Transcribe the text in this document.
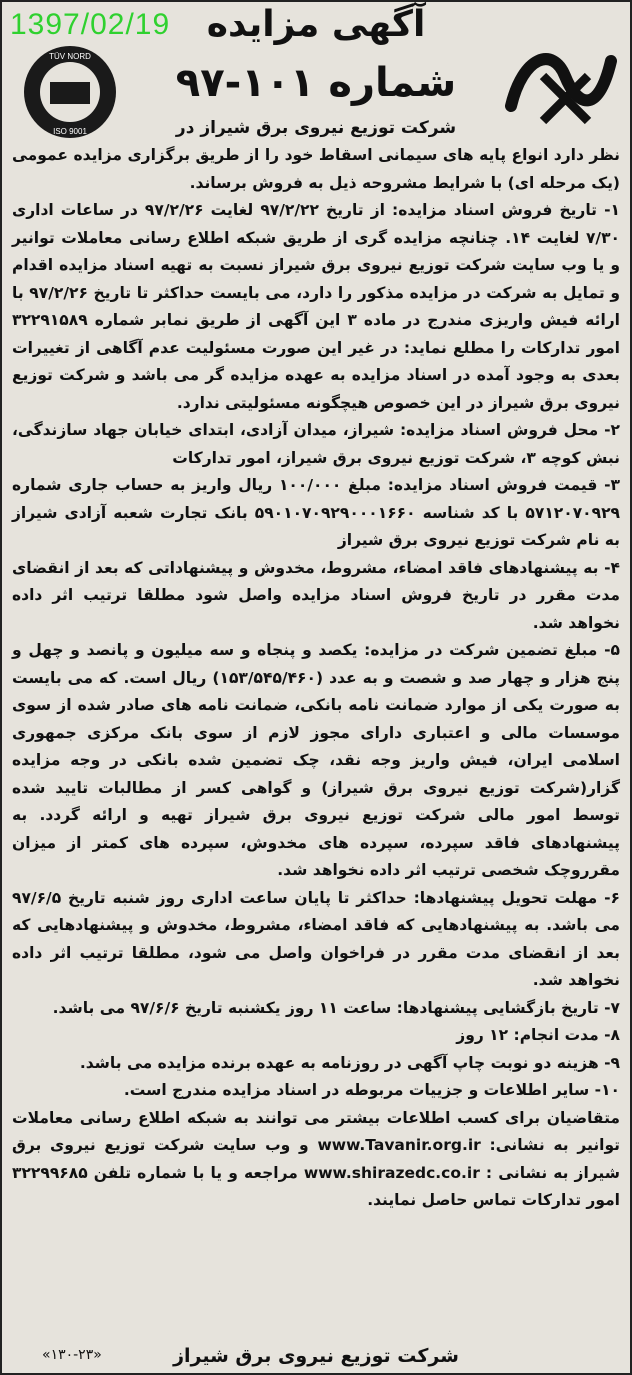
1397/02/19
TÜV NORD
ISO 9001
آگهی مزایده
شماره ۱۰۱-۹۷
شرکت توزیع نیروی برق شیراز در

نظر دارد انواع پایه های سیمانی اسقاط خود را از طریق برگزاری مزایده عمومی (یک مرحله ای) با شرایط مشروحه ذیل به فروش برساند.

۱- تاریخ فروش اسناد مزایده: از تاریخ ۹۷/۲/۲۲ لغایت ۹۷/۲/۲۶ در ساعات اداری ۷/۳۰ لغایت ۱۴. چنانچه مزایده گری از طریق شبکه اطلاع رسانی معاملات توانیر و یا وب سایت شرکت توزیع نیروی برق شیراز نسبت به تهیه اسناد مزایده اقدام و تمایل به شرکت در مزایده مذکور را دارد، می بایست حداکثر تا تاریخ ۹۷/۲/۲۶ با ارائه فیش واریزی مندرج در ماده ۳ این آگهی از طریق نمابر شماره ۳۲۲۹۱۵۸۹ امور تدارکات را مطلع نماید: در غیر این صورت مسئولیت عدم آگاهی از تغییرات بعدی به وجود آمده در اسناد مزایده به عهده مزایده گر می باشد و شرکت توزیع نیروی برق شیراز در این خصوص هیچگونه مسئولیتی ندارد.

۲- محل فروش اسناد مزایده: شیراز، میدان آزادی، ابتدای خیابان جهاد سازندگی، نبش کوچه ۳، شرکت توزیع نیروی برق شیراز، امور تدارکات

۳- قیمت فروش اسناد مزایده: مبلغ ۱۰۰/۰۰۰ ریال واریز به حساب جاری شماره ۵۷۱۲۰۷۰۹۲۹ با کد شناسه ۵۹۰۱۰۷۰۹۲۹۰۰۰۱۶۶۰ بانک تجارت شعبه آزادی شیراز به نام شرکت توزیع نیروی برق شیراز

۴- به پیشنهادهای فاقد امضاء، مشروط، مخدوش و پیشنهاداتی که بعد از انقضای مدت مقرر در تاریخ فروش اسناد مزایده واصل شود مطلقا ترتیب اثر داده نخواهد شد.

۵- مبلغ تضمین شرکت در مزایده: یکصد و پنجاه و سه میلیون و پانصد و چهل و پنج هزار و چهار صد و شصت و به عدد (۱۵۳/۵۴۵/۴۶۰) ریال است. که می بایست به صورت یکی از موارد ضمانت نامه بانکی، ضمانت نامه های صادر شده از سوی موسسات مالی و اعتباری دارای مجوز لازم از سوی بانک مرکزی جمهوری اسلامی ایران، فیش واریز وجه نقد، چک تضمین شده بانکی در وجه مزایده گزار(شرکت توزیع نیروی برق شیراز) و گواهی کسر از مطالبات تایید شده توسط امور مالی شرکت توزیع نیروی برق شیراز تهیه و ارائه گردد. به پیشنهادهای فاقد سپرده، سپرده های مخدوش، سپرده های کمتر از میزان مقرروچک شخصی ترتیب اثر داده نخواهد شد.

۶- مهلت تحویل پیشنهادها: حداکثر تا پایان ساعت اداری روز شنبه تاریخ ۹۷/۶/۵ می باشد. به پیشنهادهایی که فاقد امضاء، مشروط، مخدوش و پیشنهادهایی که بعد از انقضای مدت مقرر در فراخوان واصل می شود، مطلقا ترتیب اثر داده نخواهد شد.

۷- تاریخ بازگشایی پیشنهادها: ساعت ۱۱ روز یکشنبه تاریخ ۹۷/۶/۶ می باشد.

۸- مدت انجام: ۱۲ روز

۹- هزینه دو نوبت چاپ آگهی در روزنامه به عهده برنده مزایده می باشد.

۱۰- سایر اطلاعات و جزییات مربوطه در اسناد مزایده مندرج است.

متقاضیان برای کسب اطلاعات بیشتر می توانند به شبکه اطلاع رسانی معاملات توانیر به نشانی: www.Tavanir.org.ir و وب سایت شرکت توزیع نیروی برق شیراز به نشانی : www.shirazedc.co.ir مراجعه و یا با شماره تلفن ۳۲۲۹۹۶۸۵ امور تدارکات تماس حاصل نمایند.

«۱۳۰-۲۳»	شرکت توزیع نیروی برق شیراز
